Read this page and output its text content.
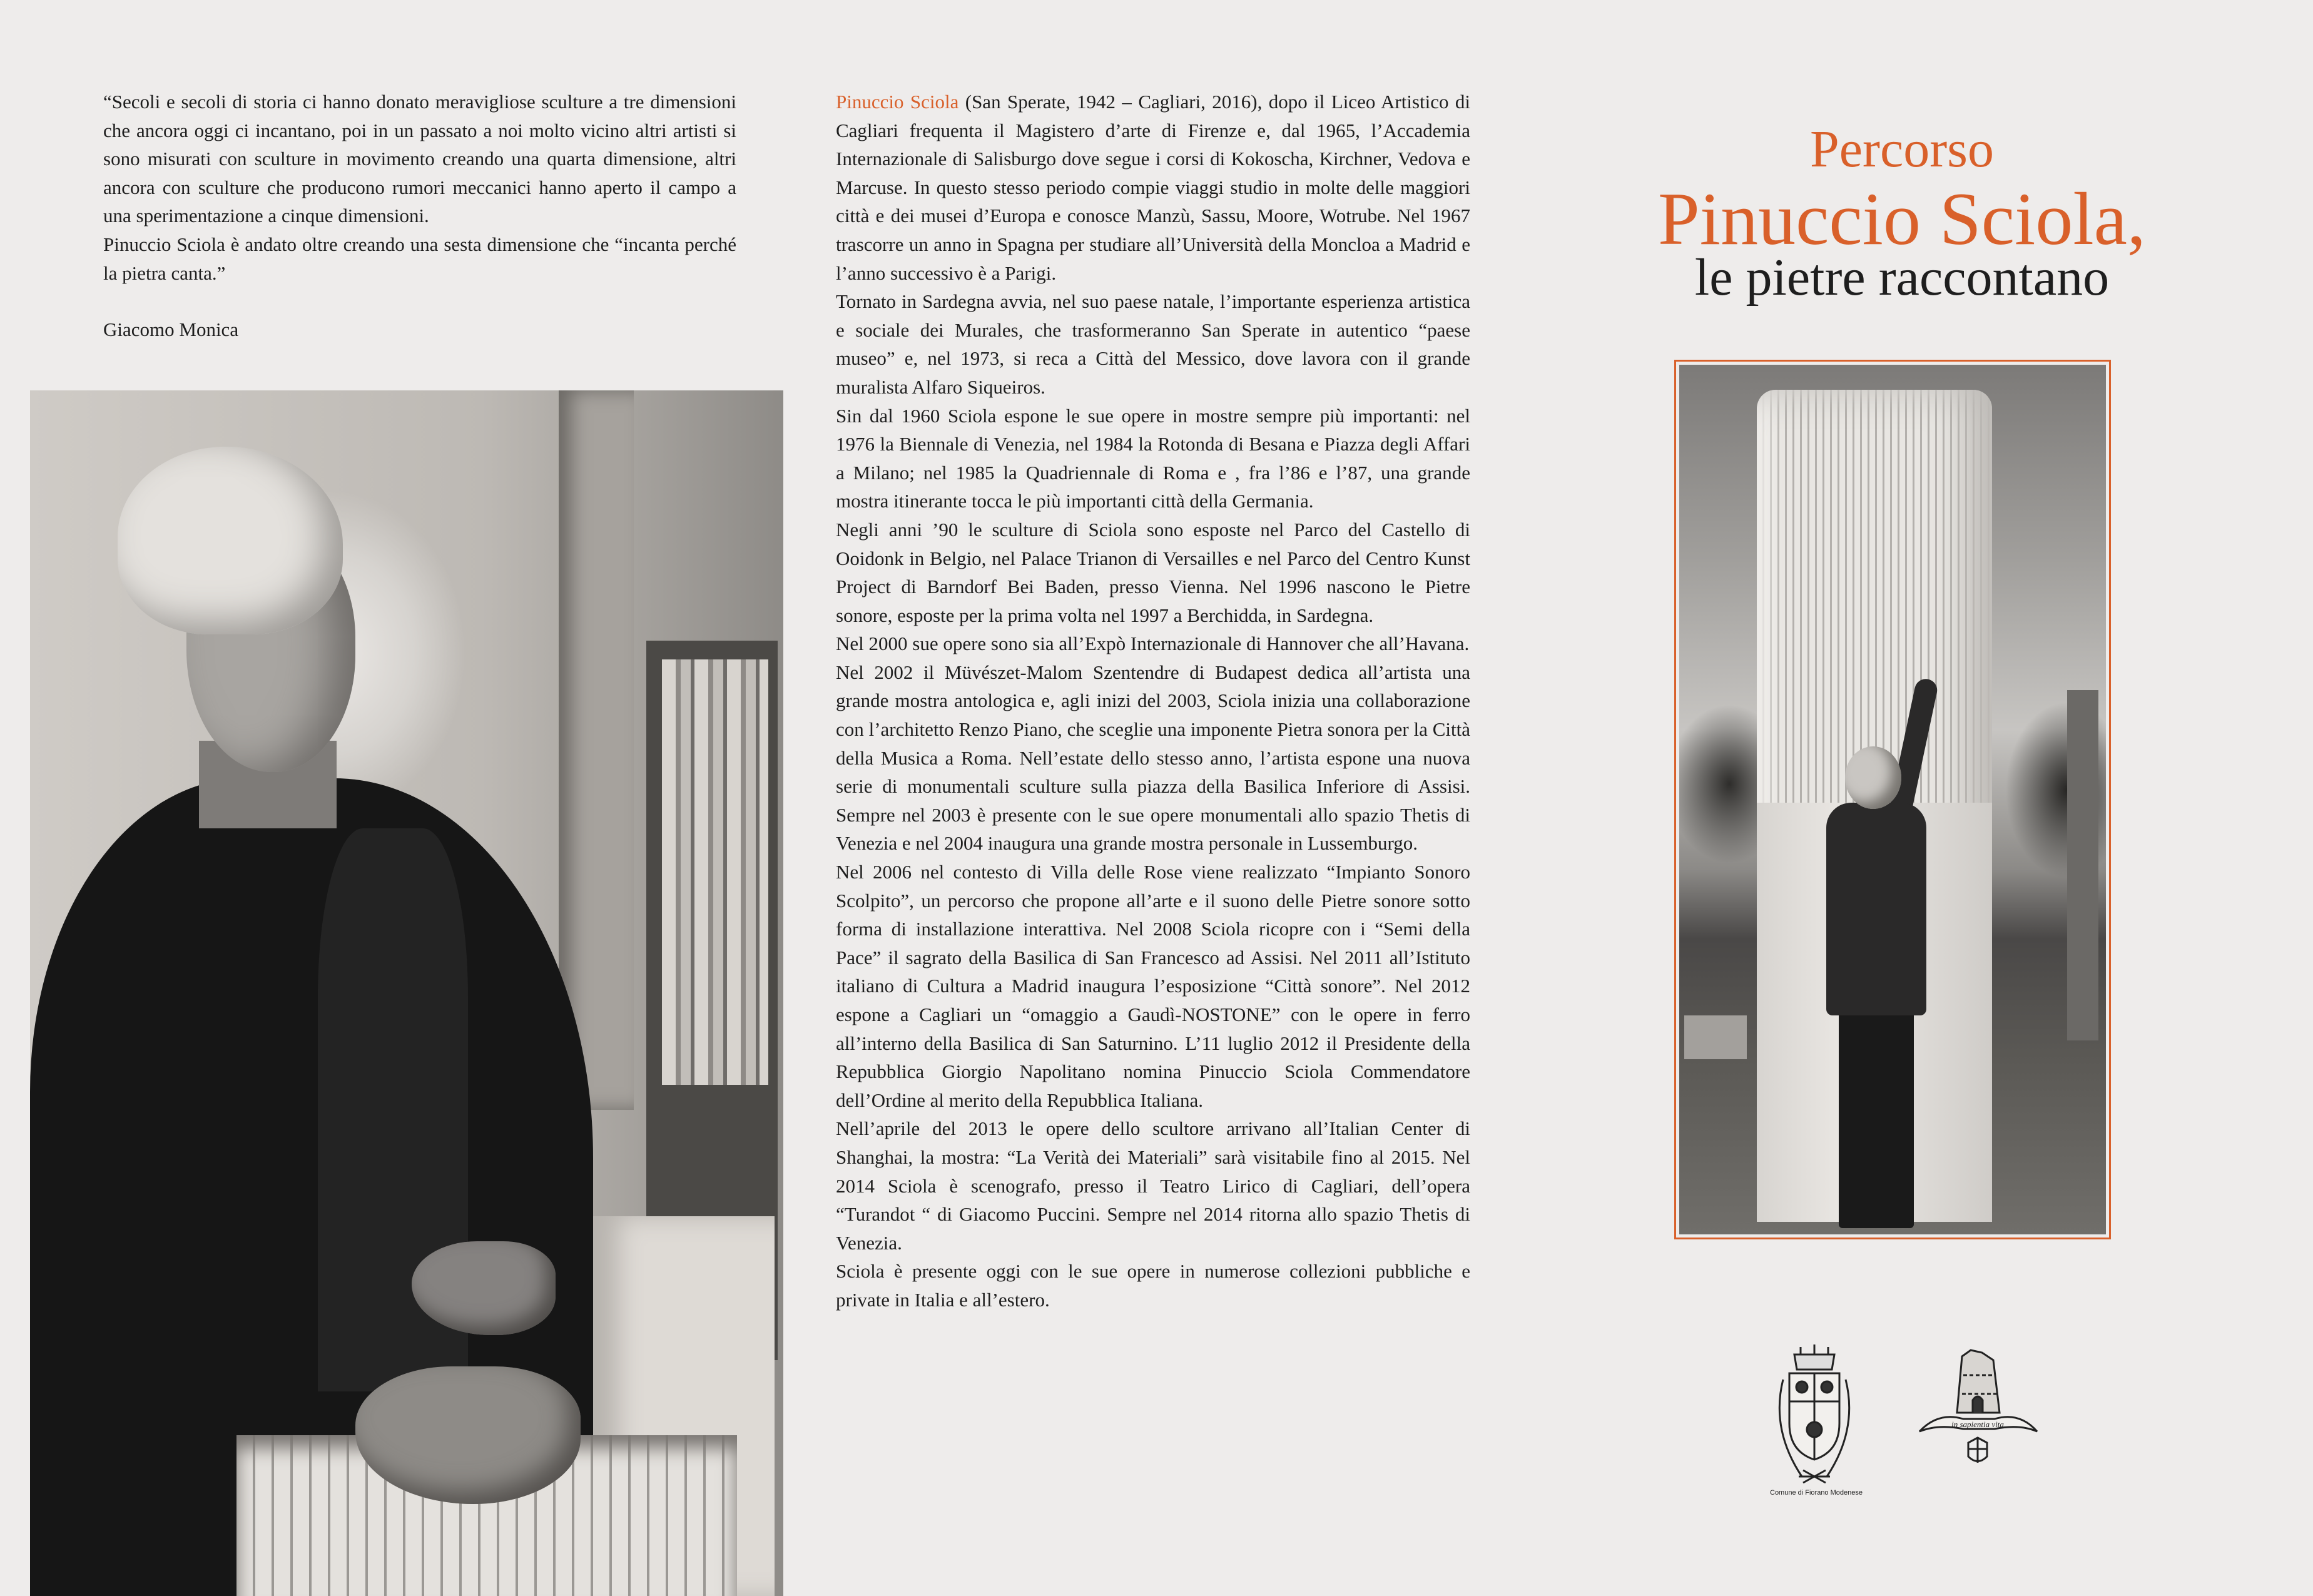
“Secoli e secoli di storia ci hanno donato meravigliose sculture a tre dimensioni che ancora oggi ci incantano, poi in un passato a noi molto vicino altri artisti si sono misurati con sculture in movimento creando una quarta dimensione, altri ancora con sculture che producono rumori meccanici hanno aperto il campo a una sperimentazione a cinque dimensioni.

Pinuccio Sciola è andato oltre creando una sesta dimensione che “incanta perché la pietra canta.”

Giacomo Monica

Pinuccio Sciola (San Sperate, 1942 – Cagliari, 2016), dopo il Liceo Artistico di Cagliari frequenta il Magistero d’arte di Firenze e, dal 1965, l’Accademia Internazionale di Salisburgo dove segue i corsi di Kokoscha, Kirchner, Vedova e Marcuse. In questo stesso periodo compie viaggi studio in molte delle maggiori città e dei musei d’Europa e conosce Manzù, Sassu, Moore, Wotrube. Nel 1967 trascorre un anno in Spagna per studiare all’Università della Moncloa a Madrid e l’anno successivo è a Parigi.

Tornato in Sardegna avvia, nel suo paese natale, l’importante esperienza artistica e sociale dei Murales, che trasformeranno San Sperate in autentico “paese museo” e, nel 1973, si reca a Città del Messico, dove lavora con il grande muralista Alfaro Siqueiros.

Sin dal 1960 Sciola espone le sue opere in mostre sempre più importanti: nel 1976 la Biennale di Venezia, nel 1984 la Rotonda di Besana e Piazza degli Affari a Milano; nel 1985 la Quadriennale di Roma e , fra l’86 e l’87, una grande mostra itinerante tocca le più importanti città della Germania.

Negli anni ’90 le sculture di Sciola sono esposte nel Parco del Castello di Ooidonk in Belgio, nel Palace Trianon di Versailles e nel Parco del Centro Kunst Project di Barndorf Bei Baden, presso Vienna. Nel 1996 nascono le Pietre sonore, esposte per la prima volta nel 1997 a Berchidda, in Sardegna.

Nel 2000 sue opere sono sia all’Expò Internazionale di Hannover che all’Havana.

Nel 2002 il Müvészet-Malom Szentendre di Budapest dedica all’artista una grande mostra antologica e, agli inizi del 2003, Sciola inizia una collaborazione con l’architetto Renzo Piano, che sceglie una imponente Pietra sonora per la Città della Musica a Roma. Nell’estate dello stesso anno, l’artista espone una nuova serie di monumentali sculture sulla piazza della Basilica Inferiore di Assisi. Sempre nel 2003 è presente con le sue opere monumentali allo spazio Thetis di Venezia e nel 2004 inaugura una grande mostra personale in Lussemburgo.

Nel 2006 nel contesto di Villa delle Rose viene realizzato “Impianto Sonoro Scolpito”, un percorso che propone all’arte e il suono delle Pietre sonore sotto forma di installazione interattiva. Nel 2008 Sciola ricopre con i “Semi della Pace” il sagrato della Basilica di San Francesco ad Assisi. Nel 2011 all’Istituto italiano di Cultura a Madrid inaugura l’esposizione “Città sonore”. Nel 2012 espone a Cagliari un “omaggio a Gaudì-NOSTONE” con le opere in ferro all’interno della Basilica di San Saturnino. L’11 luglio 2012 il Presidente della Repubblica Giorgio Napolitano nomina Pinuccio Sciola Commendatore dell’Ordine al merito della Repubblica Italiana.

Nell’aprile del 2013 le opere dello scultore arrivano all’Italian Center di Shanghai, la mostra: “La Verità dei Materiali” sarà visitabile fino al 2015. Nel 2014 Sciola è scenografo, presso il Teatro Lirico di Cagliari, dell’opera “Turandot “ di Giacomo Puccini. Sempre nel 2014 ritorna allo spazio Thetis di Venezia.

Sciola è presente oggi con le sue opere in numerose collezioni pubbliche e private in Italia e all’estero.

Percorso
Pinuccio Sciola,
le pietre raccontano
Comune di Fiorano Modenese
in sapientia vita
